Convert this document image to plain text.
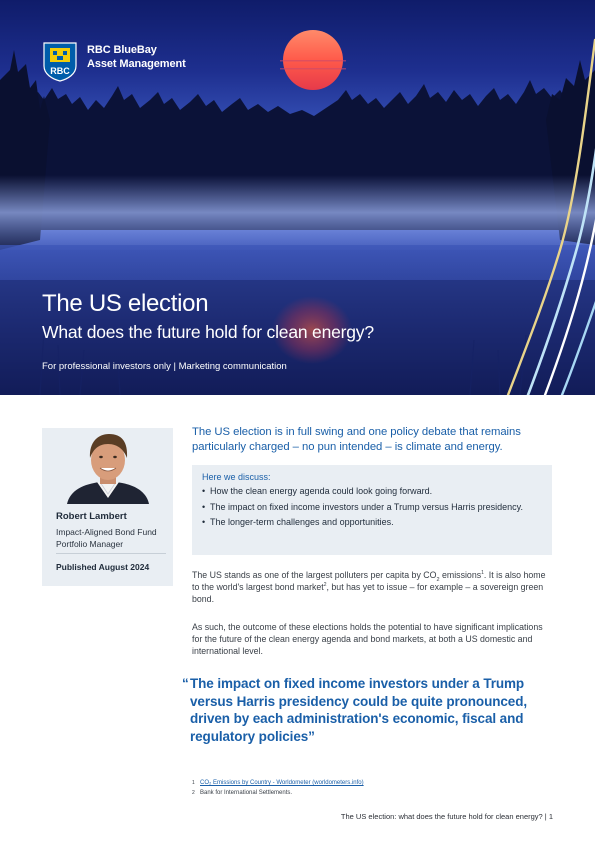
RBC
RBC BlueBay
Asset Management
The US election
What does the future hold for clean energy?
For professional investors only | Marketing communication
Robert Lambert
Impact-Aligned Bond Fund Portfolio Manager
Published August 2024
The US election is in full swing and one policy debate that remains particularly charged – no pun intended – is climate and energy.
Here we discuss:
• How the clean energy agenda could look going forward.
• The impact on fixed income investors under a Trump versus Harris presidency.
• The longer-term challenges and opportunities.
The US stands as one of the largest polluters per capita by $CO_2$ emissions$^1$. It is also home to the world's largest bond market$^2$, but has yet to issue – for example – a sovereign green bond.
As such, the outcome of these elections holds the potential to have significant implications for the future of the clean energy agenda and bond markets, at both a US domestic and international level.
“ The impact on fixed income investors under a Trump versus Harris presidency could be quite pronounced, driven by each administration's economic, fiscal and regulatory policies”
1 CO₂ Emissions by Country - Worldometer (worldometers.info)
2 Bank for International Settlements.
The US election: what does the future hold for clean energy? | 1
